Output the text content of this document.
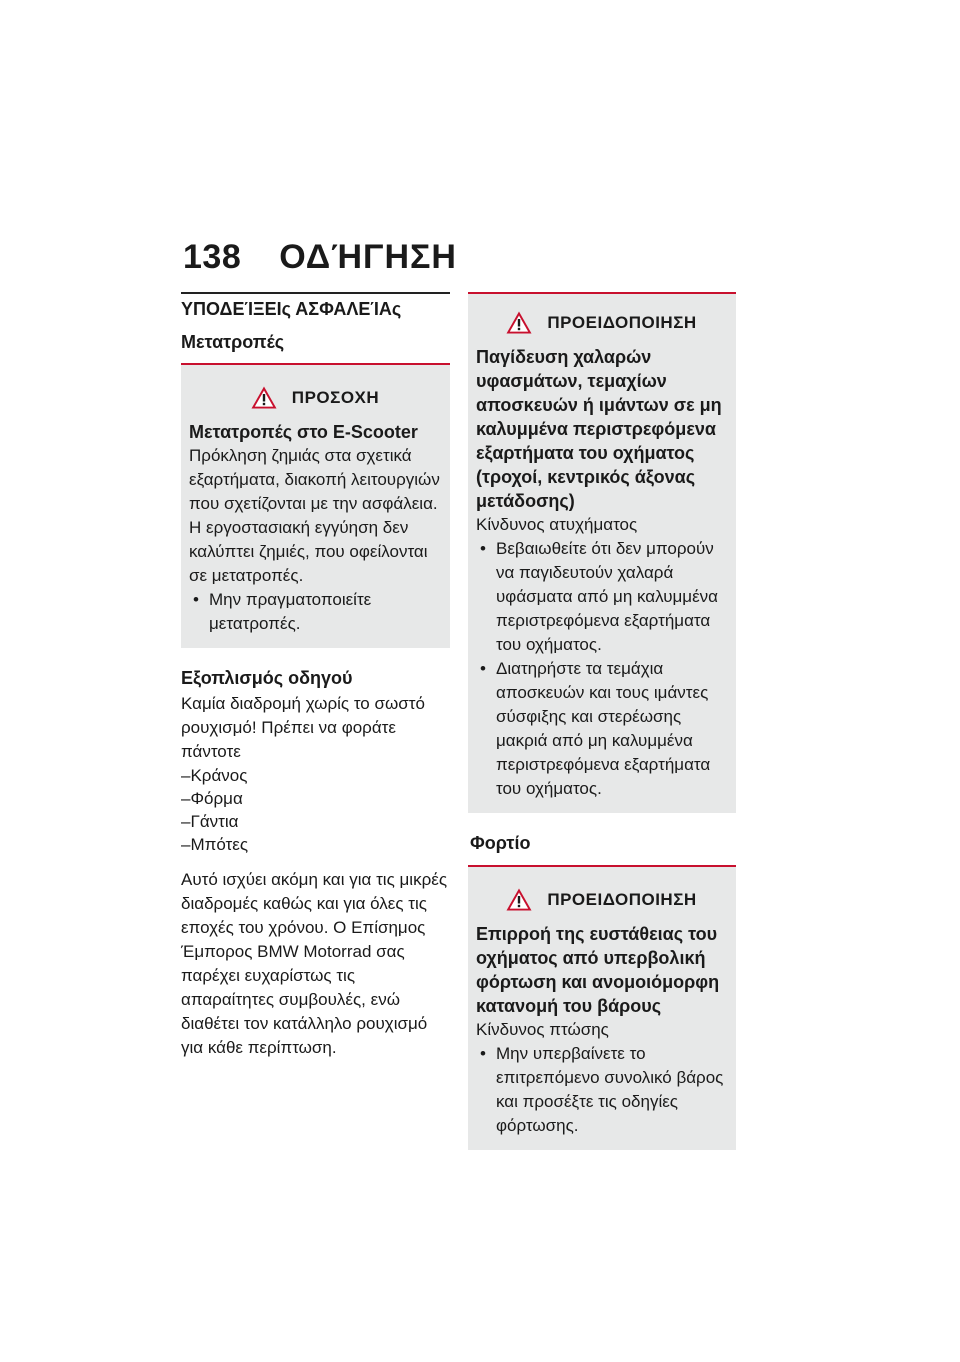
138 ΟΔΉΓΗΣΗ
ΥΠΟΔΕΊΞΕΙς ΑΣΦΑΛΕΊΑς
Μετατροπές
ΠΡΟΣΟΧΗ
Μετατροπές στο E-Scooter
Πρόκληση ζημιάς στα σχετικά εξαρτήματα, διακοπή λειτουργιών που σχετίζονται με την ασφάλεια. Η εργοστασιακή εγγύηση δεν καλύπτει ζημιές, που οφείλονται σε μετατροπές.
• Μην πραγματοποιείτε μετατροπές.
Εξοπλισμός οδηγού
Καμία διαδρομή χωρίς το σωστό ρουχισμό! Πρέπει να φοράτε πάντοτε
–Κράνος
–Φόρμα
–Γάντια
–Μπότες
Αυτό ισχύει ακόμη και για τις μικρές διαδρομές καθώς και για όλες τις εποχές του χρόνου. Ο Επίσημος Έμπορος BMW Motorrad σας παρέχει ευχαρίστως τις απαραίτητες συμβουλές, ενώ διαθέτει τον κατάλληλο ρουχισμό για κάθε περίπτωση.
ΠΡΟΕΙΔΟΠΟΙΗΣΗ
Παγίδευση χαλαρών υφασμάτων, τεμαχίων αποσκευών ή ιμάντων σε μη καλυμμένα περιστρεφόμενα εξαρτήματα του οχήματος (τροχοί, κεντρικός άξονας μετάδοσης)
Κίνδυνος ατυχήματος
• Βεβαιωθείτε ότι δεν μπορούν να παγιδευτούν χαλαρά υφάσματα από μη καλυμμένα περιστρεφόμενα εξαρτήματα του οχήματος.
• Διατηρήστε τα τεμάχια αποσκευών και τους ιμάντες σύσφιξης και στερέωσης μακριά από μη καλυμμένα περιστρεφόμενα εξαρτήματα του οχήματος.
Φορτίο
ΠΡΟΕΙΔΟΠΟΙΗΣΗ
Επιρροή της ευστάθειας του οχήματος από υπερβολική φόρτωση και ανομοιόμορφη κατανομή του βάρους
Κίνδυνος πτώσης
• Μην υπερβαίνετε το επιτρεπόμενο συνολικό βάρος και προσέξτε τις οδηγίες φόρτωσης.
